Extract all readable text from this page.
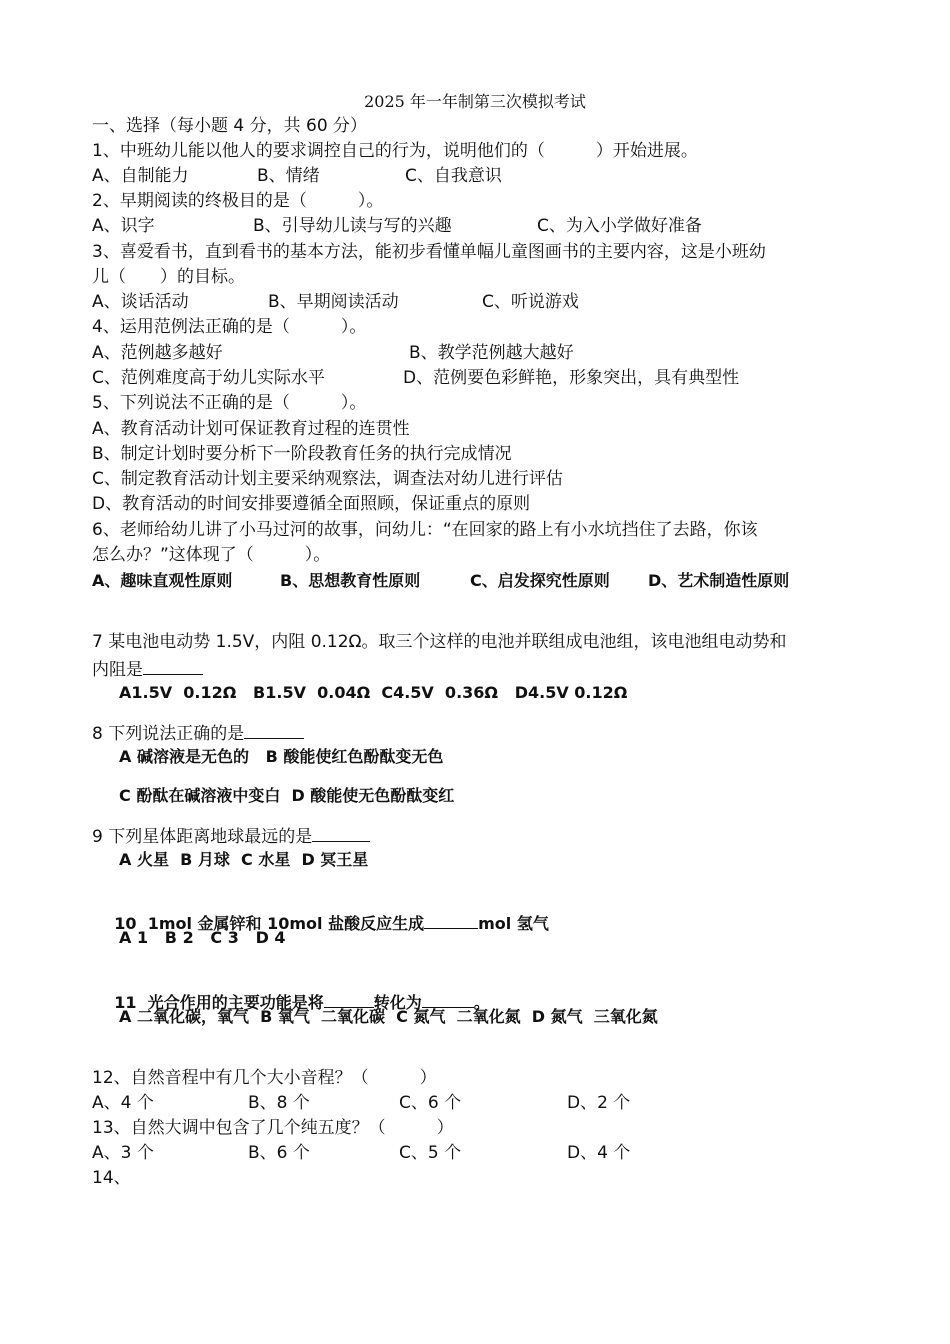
2025 年一年制第三次模拟考试
一、选择（每小题 4 分，共 60 分）
1、中班幼儿能以他人的要求调控自己的行为，说明他们的（　　　）开始进展。
A、自制能力	B、情绪	C、自我意识
2、早期阅读的终极目的是（　　　）。
A、识字	B、引导幼儿读与写的兴趣	C、为入小学做好准备
3、喜爱看书，直到看书的基本方法，能初步看懂单幅儿童图画书的主要内容，这是小班幼
儿（　　）的目标。
A、谈话活动	B、早期阅读活动	C、听说游戏
4、运用范例法正确的是（　　　）。
A、范例越多越好	B、教学范例越大越好
C、范例难度高于幼儿实际水平	D、范例要色彩鲜艳，形象突出，具有典型性
5、下列说法不正确的是（　　　）。
A、教育活动计划可保证教育过程的连贯性
B、制定计划时要分析下一阶段教育任务的执行完成情况
C、制定教育活动计划主要采纳观察法，调查法对幼儿进行评估
D、教育活动的时间安排要遵循全面照顾，保证重点的原则
6、老师给幼儿讲了小马过河的故事，问幼儿：“在回家的路上有小水坑挡住了去路，你该
怎么办？”这体现了（　　　）。
A、趣味直观性原则	B、思想教育性原则	C、启发探究性原则 D、艺术制造性原则
7 某电池电动势 1.5V，内阻 0.12Ω。取三个这样的电池并联组成电池组，该电池组电动势和
内阻是
A1.5V  0.12Ω   B1.5V  0.04Ω  C4.5V  0.36Ω   D4.5V 0.12Ω
8 下列说法正确的是
A 碱溶液是无色的   B 酸能使红色酚酞变无色
C 酚酞在碱溶液中变白  D 酸能使无色酚酞变红
9 下列星体距离地球最远的是
A 火星  B 月球  C 水星  D 冥王星

10  1mol 金属锌和 10mol 盐酸反应生成	mol 氢气

A 1   B 2   C 3   D 4

11  光合作用的主要功能是将	转化为	。

A 二氧化碳，氧气  B 氧气  二氧化碳  C 氮气  二氧化氮  D 氮气  三氧化氮
12、自然音程中有几个大小音程？（　　　）
A、4 个	B、8 个	C、6 个	D、2 个
13、自然大调中包含了几个纯五度？（　　　）
A、3 个	B、6 个	C、5 个	D、4 个
14、
